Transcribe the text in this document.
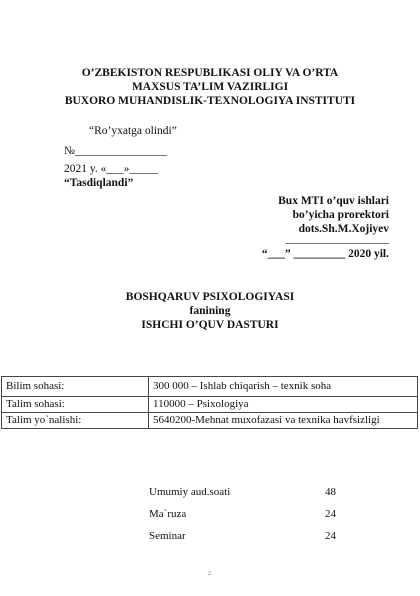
O’ZBEKISTON RESPUBLIKASI OLIY VA O’RTA
MAXSUS TA’LIM VAZIRLIGI
BUXORO MUHANDISLIK-TEXNOLOGIYA INSTITUTI
“Ro’yxatga olindi”
№________________
2021 y. «___»_____
“Tasdiqlandi”
Bux MTI o’quv ishlari
bo’yicha prorektori
dots.Sh.M.Xojiyev
__________________
“___” _________ 2020 yil.
BOSHQARUV PSIXOLOGIYASI
fanining
ISHCHI O’QUV DASTURI
Bilim sohasi:	300 000 – Ishlab chiqarish – texnik soha
Talim sohasi:	110000 – Psixologiya
Talim yo`nalishi:	5640200-Mehnat muxofazasi va texnika havfsizligi
Umumiy aud.soati	48
Ma`ruza	24
Seminar	24
2
